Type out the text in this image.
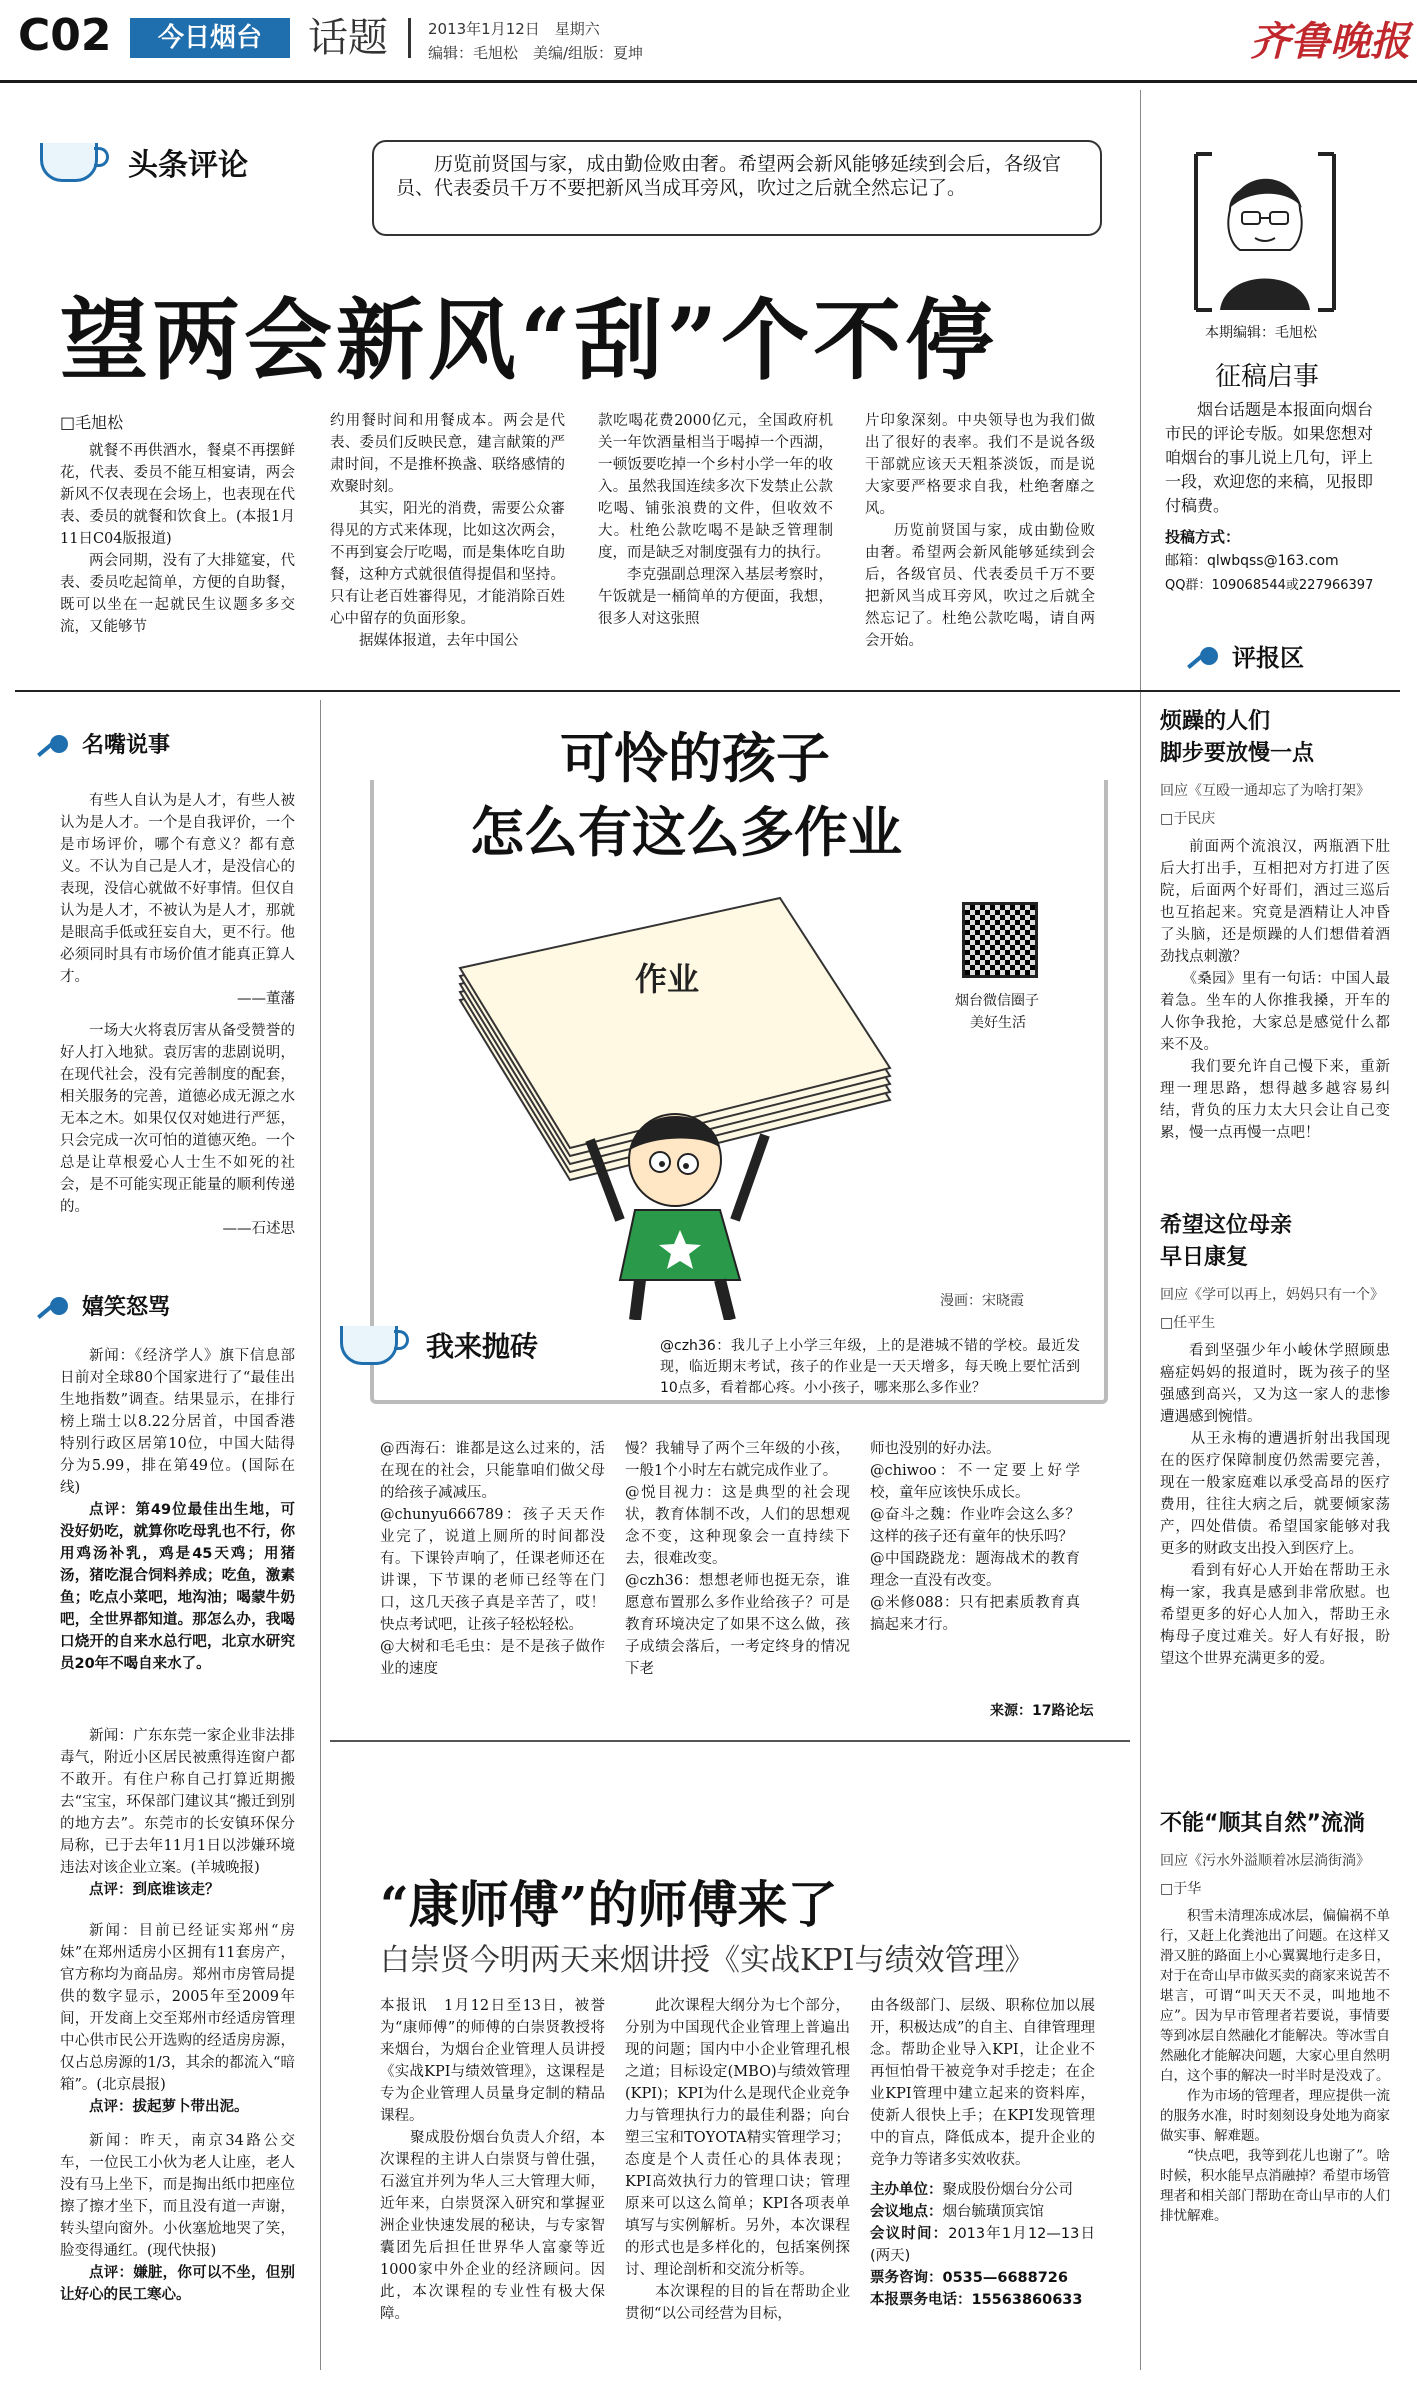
C02	今日烟台	话题	2013年1月12日　星期六
编辑：毛旭松　美编/组版：夏坤	齐鲁晚报
头条评论	历览前贤国与家，成由勤俭败由奢。希望两会新风能够延续到会后，各级官员、代表委员千万不要把新风当成耳旁风，吹过之后就全然忘记了。
望两会新风“刮”个不停
□毛旭松

就餐不再供酒水，餐桌不再摆鲜花，代表、委员不能互相宴请，两会新风不仅表现在会场上，也表现在代表、委员的就餐和饮食上。(本报1月11日C04版报道)

两会同期，没有了大排筵宴，代表、委员吃起简单，方便的自助餐，既可以坐在一起就民生议题多多交流，又能够节

约用餐时间和用餐成本。两会是代表、委员们反映民意，建言献策的严肃时间，不是推杯换盏、联络感情的欢聚时刻。

其实，阳光的消费，需要公众審得见的方式来体现，比如这次两会，不再到宴会厅吃喝，而是集体吃自助餐，这种方式就很值得提倡和坚持。只有让老百姓審得见，才能消除百姓心中留存的负面形象。

据媒体报道，去年中国公

款吃喝花费2000亿元，全国政府机关一年饮酒量相当于喝掉一个西湖，一顿饭要吃掉一个乡村小学一年的收入。虽然我国连续多次下发禁止公款吃喝、铺张浪费的文件，但收效不大。杜绝公款吃喝不是缺乏管理制度，而是缺乏对制度强有力的执行。

李克强副总理深入基层考察时，午饭就是一桶简单的方便面，我想，很多人对这张照

片印象深刻。中央领导也为我们做出了很好的表率。我们不是说各级干部就应该天天粗茶淡饭，而是说大家要严格要求自我，杜绝奢靡之风。

历览前贤国与家，成由勤俭败由奢。希望两会新风能够延续到会后，各级官员、代表委员千万不要把新风当成耳旁风，吹过之后就全然忘记了。杜绝公款吃喝，请自两会开始。

本期编辑：毛旭松
征稿启事
烟台话题是本报面向烟台市民的评论专版。如果您想对咱烟台的事儿说上几句，评上一段，欢迎您的来稿，见报即付稿费。
投稿方式：
邮箱：qlwbqss@163.com
QQ群：109068544或227966397
名嘴说事

有些人自认为是人才，有些人被认为是人才。一个是自我评价，一个是市场评价，哪个有意义？都有意义。不认为自己是人才，是没信心的表现，没信心就做不好事情。但仅自认为是人才，不被认为是人才，那就是眼高手低或狂妄自大，更不行。他必须同时具有市场价值才能真正算人才。

——董藩

一场大火将袁厉害从备受赞誉的好人打入地狱。袁厉害的悲剧说明，在现代社会，没有完善制度的配套，相关服务的完善，道德必成无源之水无本之木。如果仅仅对她进行严惩，只会完成一次可怕的道德灭绝。一个总是让草根爱心人士生不如死的社会，是不可能实现正能量的顺利传递的。

——石述思
嬉笑怒骂

新闻：《经济学人》旗下信息部日前对全球80个国家进行了“最佳出生地指数”调查。结果显示，在排行榜上瑞士以8.22分居首，中国香港特别行政区居第10位，中国大陆得分为5.99，排在第49位。(国际在线)

点评：第49位最佳出生地，可没好奶吃，就算你吃母乳也不行，你用鸡汤补乳，鸡是45天鸡；用猪汤，猪吃混合饲料养成；吃鱼，激素鱼；吃点小菜吧，地沟油；喝蒙牛奶吧，全世界都知道。那怎么办，我喝口烧开的自来水总行吧，北京水研究员20年不喝自来水了。

新闻：广东东莞一家企业非法排毒气，附近小区居民被熏得连窗户都不敢开。有住户称自己打算近期搬去“宝宝，环保部门建议其“搬迁到别的地方去”。东莞市的长安镇环保分局称，已于去年11月1日以涉嫌环境违法对该企业立案。(羊城晚报)

点评：到底谁该走？

新闻：目前已经证实郑州“房妹”在郑州适房小区拥有11套房产，官方称均为商品房。郑州市房管局提供的数字显示，2005年至2009年间，开发商上交至郑州市经适房管理中心供市民公开选购的经适房房源，仅占总房源的1/3，其余的都流入“暗箱”。(北京晨报)

点评：拔起萝卜带出泥。

新闻：昨天，南京34路公交车，一位民工小伙为老人让座，老人没有马上坐下，而是掏出纸巾把座位擦了擦才坐下，而且没有道一声谢，转头望向窗外。小伙塞尬地哭了笑，脸变得通红。(现代快报)

点评：嫌脏，你可以不坐，但别让好心的民工寒心。

可怜的孩子
怎么有这么多作业
作业
烟台微信圈子
美好生活
漫画：宋晓霞
我来抛砖	@czh36：我儿子上小学三年级，上的是港城不错的学校。最近发现，临近期末考试，孩子的作业是一天天增多，每天晚上要忙活到10点多，看着都心疼。小小孩子，哪来那么多作业？
@西海石：谁都是这么过来的，活在现在的社会，只能靠咱们做父母的给孩子减减压。
@chunyu666789：孩子天天作业完了，说道上厕所的时间都没有。下课铃声响了，任课老师还在讲课，下节课的老师已经等在门口，这几天孩子真是辛苦了，哎！快点考试吧，让孩子轻松轻松。
@大树和毛毛虫：是不是孩子做作业的速度
慢？我辅导了两个三年级的小孩，一般1个小时左右就完成作业了。
@悦目视力：这是典型的社会现状，教育体制不改，人们的思想观念不变，这种现象会一直持续下去，很难改变。
@czh36：想想老师也挺无奈，谁愿意布置那么多作业给孩子？可是教育环境决定了如果不这么做，孩子成绩会落后，一考定终身的情况下老
师也没别的好办法。
@chiwoo：不一定要上好学校，童年应该快乐成长。
@奋斗之魏：作业咋会这么多？这样的孩子还有童年的快乐吗？
@中国跷跷龙：题海战术的教育理念一直没有改变。
@米修088：只有把素质教育真搞起来才行。
来源：17路论坛
“康师傅”的师傅来了
白崇贤今明两天来烟讲授《实战KPI与绩效管理》
本报讯　1月12日至13日，被誉为“康师傅”的师傅的白崇贤教授将来烟台，为烟台企业管理人员讲授《实战KPI与绩效管理》，这课程是专为企业管理人员量身定制的精品课程。
　　聚成股份烟台负责人介绍，本次课程的主讲人白崇贤与曾仕强，石滋宜并列为华人三大管理大师，近年来，白崇贤深入研究和掌握亚洲企业快速发展的秘诀，与专家智囊团先后担任世界华人富豪等近1000家中外企业的经济顾问。因此，本次课程的专业性有极大保障。
　　此次课程大纲分为七个部分，分别为中国现代企业管理上普遍出现的问题；国内中小企业管理孔根之道；目标设定(MBO)与绩效管理(KPI)；KPI为什么是现代企业竞争力与管理执行力的最佳利器；向台塑三宝和TOYOTA精实管理学习；态度是个人责任心的具体表现；KPI高效执行力的管理口诀；管理原来可以这么简单；KPI各项表单填写与实例解析。另外，本次课程的形式也是多样化的，包括案例探讨、理论剖析和交流分析等。
　　本次课程的目的旨在帮助企业贯彻“以公司经营为目标，
由各级部门、层级、职称位加以展开，积极达成”的自主、自律管理理念。帮助企业导入KPI，让企业不再恒怕骨干被竞争对手挖走；在企业KPI管理中建立起来的资料库，使新人很快上手；在KPI发现管理中的盲点，降低成本，提升企业的竞争力等诸多实效收获。
主办单位：聚成股份烟台分公司
会议地点：烟台毓璜顶宾馆
会议时间：2013年1月12—13日(两天)
票务咨询：0535—6688726
本报票务电话：15563860633
评报区
烦躁的人们
脚步要放慢一点
回应《互殴一通却忘了为啥打架》
□于民庆
前面两个流浪汉，两瓶酒下肚后大打出手，互相把对方打进了医院，后面两个好哥们，酒过三巡后也互掐起来。究竟是酒精让人冲昏了头脑，还是烦躁的人们想借着酒劲找点刺激？
　　《桑园》里有一句话：中国人最着急。坐车的人你推我搡，开车的人你争我抢，大家总是感觉什么都来不及。
　　我们要允许自己慢下来，重新理一理思路，想得越多越容易纠结，背负的压力太大只会让自己变累，慢一点再慢一点吧！
希望这位母亲
早日康复
回应《学可以再上，妈妈只有一个》
□任平生
看到坚强少年小峻休学照顾患癌症妈妈的报道时，既为孩子的坚强感到高兴，又为这一家人的悲惨遭遇感到惋惜。
　　从王永梅的遭遇折射出我国现在的医疗保障制度仍然需要完善，现在一般家庭难以承受高昂的医疗费用，往往大病之后，就要倾家荡产，四处借债。希望国家能够对我更多的财政支出投入到医疗上。
　　看到有好心人开始在帮助王永梅一家，我真是感到非常欣慰。也希望更多的好心人加入，帮助王永梅母子度过难关。好人有好报，盼望这个世界充满更多的爱。
不能“顺其自然”流淌
回应《污水外溢顺着冰层淌街淌》
□于华
积雪未清理冻成冰层，偏偏祸不单行，又赶上化粪池出了问题。在这样又滑又脏的路面上小心翼翼地行走多日，对于在奇山早市做买卖的商家来说苦不堪言，可谓“叫天天不灵，叫地地不应”。因为早市管理者若要说，事情要等到冰层自然融化才能解决。等冰雪自然融化才能解决问题，大家心里自然明白，这个事的解决一时半时是没戏了。
　　作为市场的管理者，理应提供一流的服务水准，时时刻刻设身处地为商家做实事、解难题。
　　“快点吧，我等到花儿也谢了”。啥时候，积水能早点消融掉？希望市场管理者和相关部门帮助在奇山早市的人们排忧解难。
